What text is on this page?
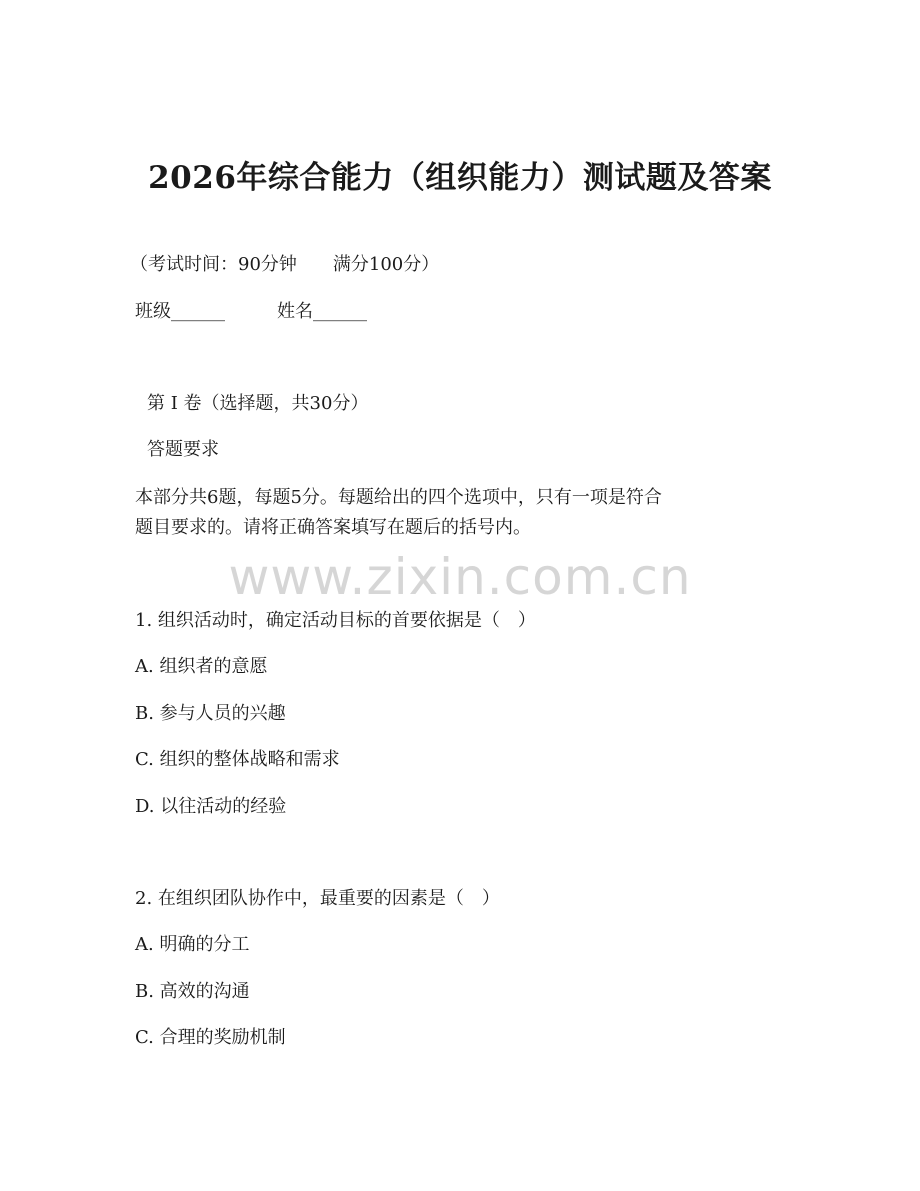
2026年综合能力（组织能力）测试题及答案
（考试时间：90分钟　　满分100分）
班级______	姓名______
第 I 卷（选择题，共30分）
答题要求
本部分共6题，每题5分。每题给出的四个选项中，只有一项是符合
题目要求的。请将正确答案填写在题后的括号内。
www.zixin.com.cn
1. 组织活动时，确定活动目标的首要依据是（　）
A. 组织者的意愿
B. 参与人员的兴趣
C. 组织的整体战略和需求
D. 以往活动的经验
2. 在组织团队协作中，最重要的因素是（　）
A. 明确的分工
B. 高效的沟通
C. 合理的奖励机制
